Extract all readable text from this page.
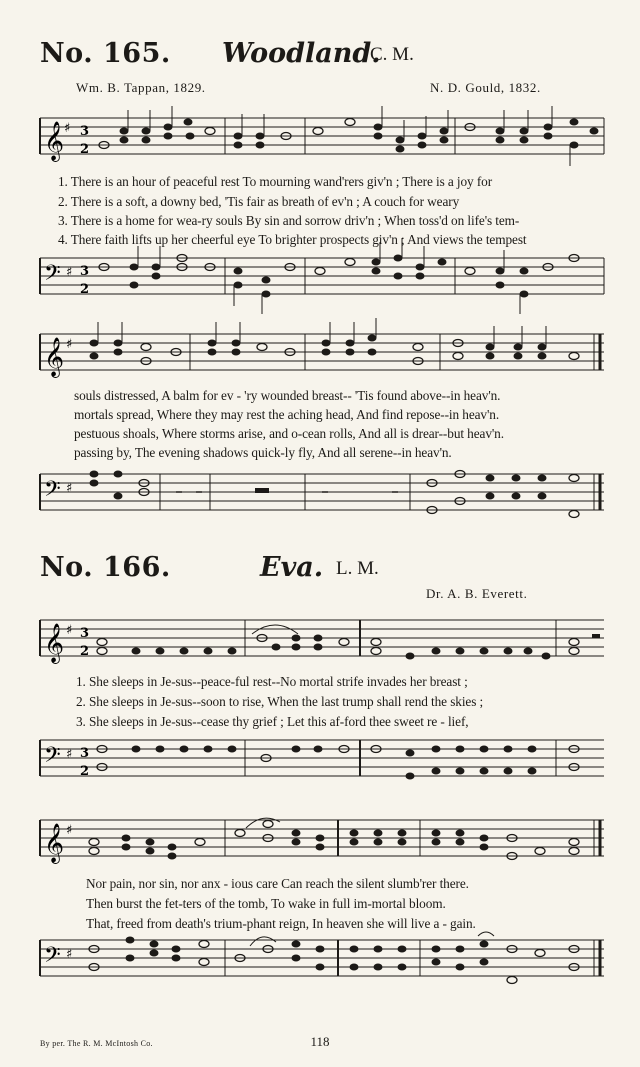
No. 165. Woodland.
C. M.
Wm. B. Tappan, 1829.	N. D. Gould, 1832.
𝄞 ♯ 3
2
1. There is an hour of peaceful rest To mourning wand'rers giv'n ; There is a joy for
2. There is a soft, a downy bed, 'Tis fair as breath of ev'n ; A couch for weary
3. There is a home for wea-ry souls By sin and sorrow driv'n ; When toss'd on life's tem-
4. There faith lifts up her cheerful eye To brighter prospects giv'n ; And views the tempest
𝄢 ♯ 3
2
𝄞 ♯
souls distressed, A balm for ev - 'ry wounded breast-- 'Tis found above--in heav'n.
mortals spread, Where they may rest the aching head, And find repose--in heav'n.
pestuous shoals, Where storms arise, and o-cean rolls, And all is drear--but heav'n.
passing by, The evening shadows quick-ly fly, And all serene--in heav'n.
𝄢 ♯
No. 166.	Eva. L. M.
Dr. A. B. Everett.
𝄞 ♯ 3
2
1. She sleeps in Je-sus--peace-ful rest--No mortal strife invades her breast ;
2. She sleeps in Je-sus--soon to rise, When the last trump shall rend the skies ;
3. She sleeps in Je-sus--cease thy grief ; Let this af-ford thee sweet re - lief,
𝄢 ♯ 3
2
𝄞 ♯
Nor pain, nor sin, nor anx - ious care Can reach the silent slumb'rer there.
Then burst the fet-ters of the tomb, To wake in full im-mortal bloom.
That, freed from death's trium-phant reign, In heaven she will live a - gain.
𝄢 ♯
By per. The R. M. McIntosh Co.	118
